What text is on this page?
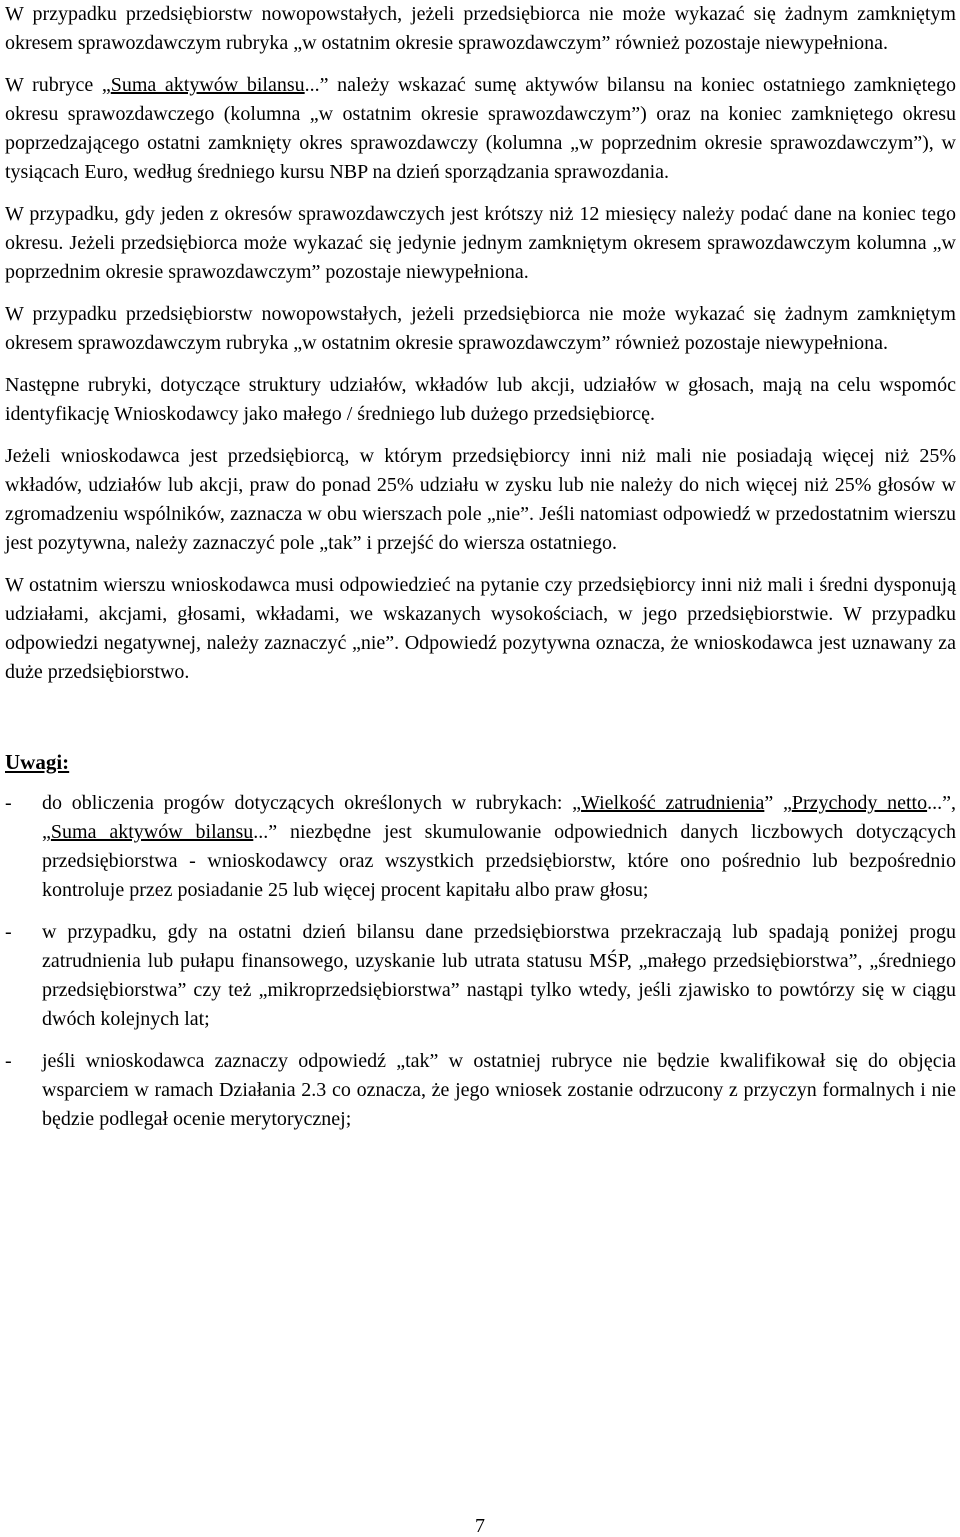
W przypadku przedsiębiorstw nowopowstałych, jeżeli przedsiębiorca nie może wykazać się żadnym zamkniętym okresem sprawozdawczym rubryka „w ostatnim okresie sprawozdawczym” również pozostaje niewypełniona.

W rubryce „Suma aktywów bilansu...” należy wskazać sumę aktywów bilansu na koniec ostatniego zamkniętego okresu sprawozdawczego (kolumna „w ostatnim okresie sprawozdawczym”) oraz na koniec zamkniętego okresu poprzedzającego ostatni zamknięty okres sprawozdawczy (kolumna „w poprzednim okresie sprawozdawczym”), w tysiącach Euro, według średniego kursu NBP na dzień sporządzania sprawozdania.

W przypadku, gdy jeden z okresów sprawozdawczych jest krótszy niż 12 miesięcy należy podać dane na koniec tego okresu. Jeżeli przedsiębiorca może wykazać się jedynie jednym zamkniętym okresem sprawozdawczym kolumna „w poprzednim okresie sprawozdawczym” pozostaje niewypełniona.

W przypadku przedsiębiorstw nowopowstałych, jeżeli przedsiębiorca nie może wykazać się żadnym zamkniętym okresem sprawozdawczym rubryka „w ostatnim okresie sprawozdawczym” również pozostaje niewypełniona.

Następne rubryki, dotyczące struktury udziałów, wkładów lub akcji, udziałów w głosach, mają na celu wspomóc identyfikację Wnioskodawcy jako małego / średniego lub dużego przedsiębiorcę.

Jeżeli wnioskodawca jest przedsiębiorcą, w którym przedsiębiorcy inni niż mali nie posiadają więcej niż 25% wkładów, udziałów lub akcji, praw do ponad 25% udziału w zysku lub nie należy do nich więcej niż 25% głosów w zgromadzeniu wspólników, zaznacza w obu wierszach pole „nie”. Jeśli natomiast odpowiedź w przedostatnim wierszu jest pozytywna, należy zaznaczyć pole „tak” i przejść do wiersza ostatniego.

W ostatnim wierszu wnioskodawca musi odpowiedzieć na pytanie czy przedsiębiorcy inni niż mali i średni dysponują udziałami, akcjami, głosami, wkładami, we wskazanych wysokościach, w jego przedsiębiorstwie. W przypadku odpowiedzi negatywnej, należy zaznaczyć „nie”. Odpowiedź pozytywna oznacza, że wnioskodawca jest uznawany za duże przedsiębiorstwo.

Uwagi:

- do obliczenia progów dotyczących określonych w rubrykach: „Wielkość zatrudnienia” „Przychody netto...”, „Suma aktywów bilansu...” niezbędne jest skumulowanie odpowiednich danych liczbowych dotyczących przedsiębiorstwa - wnioskodawcy oraz wszystkich przedsiębiorstw, które ono pośrednio lub bezpośrednio kontroluje przez posiadanie 25 lub więcej procent kapitału albo praw głosu;

- w przypadku, gdy na ostatni dzień bilansu dane przedsiębiorstwa przekraczają lub spadają poniżej progu zatrudnienia lub pułapu finansowego, uzyskanie lub utrata statusu MŚP, „małego przedsiębiorstwa”, „średniego przedsiębiorstwa” czy też „mikroprzedsiębiorstwa” nastąpi tylko wtedy, jeśli zjawisko to powtórzy się w ciągu dwóch kolejnych lat;

- jeśli wnioskodawca zaznaczy odpowiedź „tak” w ostatniej rubryce nie będzie kwalifikował się do objęcia wsparciem w ramach Działania 2.3 co oznacza, że jego wniosek zostanie odrzucony z przyczyn formalnych i nie będzie podlegał ocenie merytorycznej;

7
